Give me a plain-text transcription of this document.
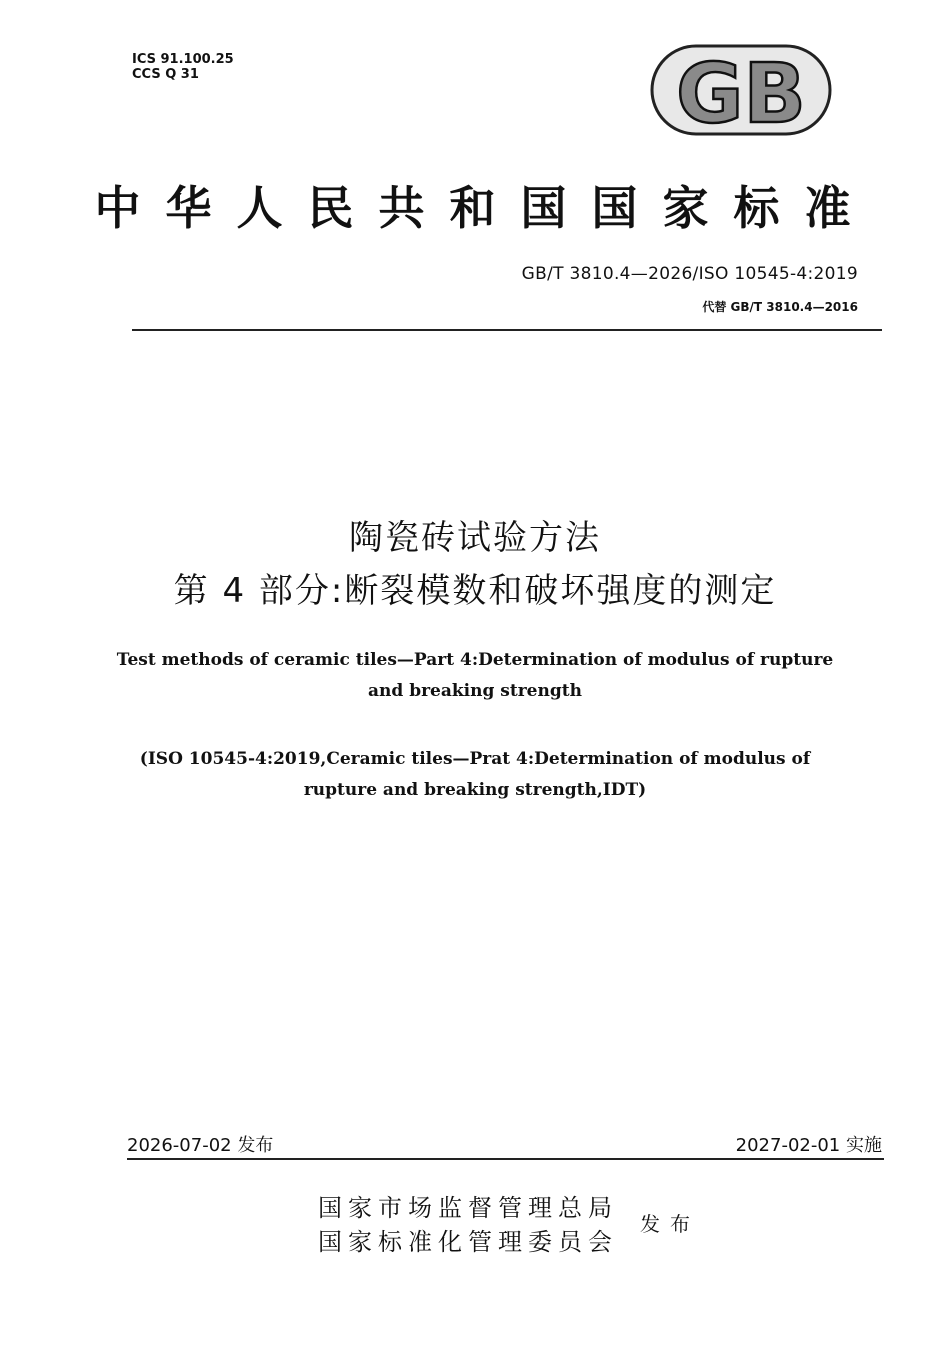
ICS 91.100.25
CCS Q 31	GB
中华人民共和国国家标准
GB/T 3810.4—2026/ISO 10545-4:2019
代替 GB/T 3810.4—2016
陶瓷砖试验方法
第 4 部分:断裂模数和破坏强度的测定
Test methods of ceramic tiles—Part 4:Determination of modulus of rupture
and breaking strength
(ISO 10545-4:2019,Ceramic tiles—Prat 4:Determination of modulus of
rupture and breaking strength,IDT)
2026-07-02 发布	2027-02-01 实施
国家市场监督管理总局
国家标准化管理委员会
发布
